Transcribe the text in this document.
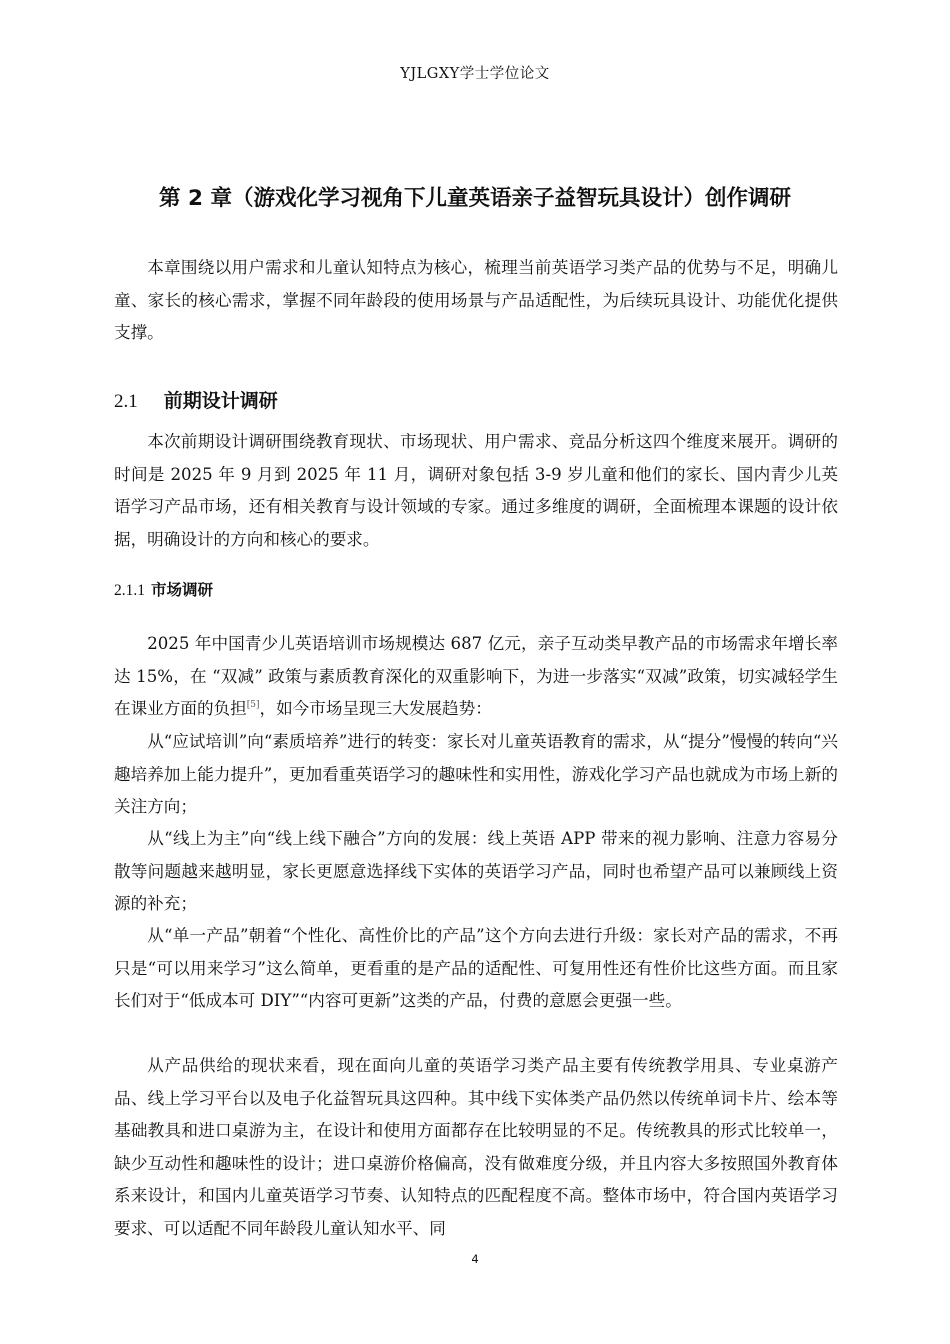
YJLGXY学士学位论文
第 2 章（游戏化学习视角下儿童英语亲子益智玩具设计）创作调研
本章围绕以用户需求和儿童认知特点为核心，梳理当前英语学习类产品的优势与不足，明确儿童、家长的核心需求，掌握不同年龄段的使用场景与产品适配性，为后续玩具设计、功能优化提供支撑。
2.1 前期设计调研
本次前期设计调研围绕教育现状、市场现状、用户需求、竞品分析这四个维度来展开。调研的时间是 2025 年 9 月到 2025 年 11 月，调研对象包括 3-9 岁儿童和他们的家长、国内青少儿英语学习产品市场，还有相关教育与设计领域的专家。通过多维度的调研，全面梳理本课题的设计依据，明确设计的方向和核心的要求。
2.1.1 市场调研
2025 年中国青少儿英语培训市场规模达 687 亿元，亲子互动类早教产品的市场需求年增长率达 15%，在 “双减” 政策与素质教育深化的双重影响下，为进一步落实“双减”政策，切实减轻学生在课业方面的负担[5]，如今市场呈现三大发展趋势：
从“应试培训”向“素质培养”进行的转变：家长对儿童英语教育的需求，从“提分”慢慢的转向“兴趣培养加上能力提升”，更加看重英语学习的趣味性和实用性，游戏化学习产品也就成为市场上新的关注方向；
从“线上为主”向“线上线下融合”方向的发展：线上英语 APP 带来的视力影响、注意力容易分散等问题越来越明显，家长更愿意选择线下实体的英语学习产品，同时也希望产品可以兼顾线上资源的补充；
从“单一产品”朝着“个性化、高性价比的产品”这个方向去进行升级：家长对产品的需求，不再只是“可以用来学习”这么简单，更看重的是产品的适配性、可复用性还有性价比这些方面。而且家长们对于“低成本可 DIY”“内容可更新”这类的产品，付费的意愿会更强一些。
从产品供给的现状来看，现在面向儿童的英语学习类产品主要有传统教学用具、专业桌游产品、线上学习平台以及电子化益智玩具这四种。其中线下实体类产品仍然以传统单词卡片、绘本等基础教具和进口桌游为主，在设计和使用方面都存在比较明显的不足。传统教具的形式比较单一，缺少互动性和趣味性的设计；进口桌游价格偏高，没有做难度分级，并且内容大多按照国外教育体系来设计，和国内儿童英语学习节奏、认知特点的匹配程度不高。整体市场中，符合国内英语学习要求、可以适配不同年龄段儿童认知水平、同
4
